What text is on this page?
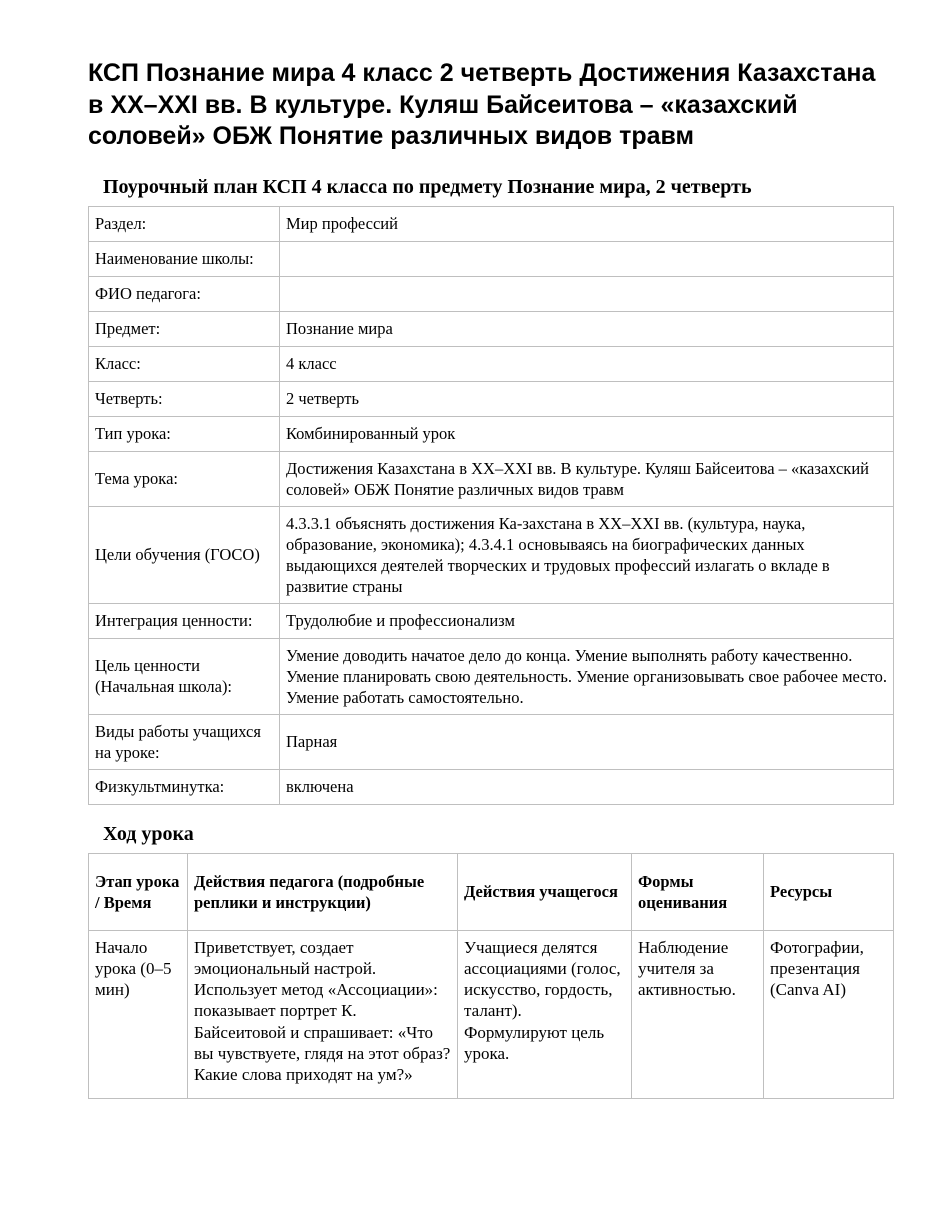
КСП Познание мира 4 класс 2 четверть Достижения Казахстана в XX–XXI вв. В культуре. Куляш Байсеитова – «казахский соловей» ОБЖ Понятие различных видов травм
Поурочный план КСП 4 класса по предмету Познание мира, 2 четверть
Раздел:	Мир профессий
Наименование школы:	
ФИО педагога:	
Предмет:	Познание мира
Класс:	4 класс
Четверть:	2 четверть
Тип урока:	Комбинированный урок
Тема урока:	Достижения Казахстана в XX–XXI вв. В культуре. Куляш Байсеитова – «казахский соловей» ОБЖ Понятие различных видов травм
Цели обучения (ГОСО)	4.3.3.1 объяснять достижения Ка-захстана в XX–XXI вв. (культура, наука, образование, экономика); 4.3.4.1 основываясь на биографических данных выдающихся деятелей творческих и трудовых профессий излагать о вкладе в развитие страны
Интеграция ценности:	Трудолюбие и профессионализм
Цель ценности (Начальная школа):	Умение доводить начатое дело до конца. Умение выполнять работу качественно. Умение планировать свою деятельность. Умение организовывать свое рабочее место. Умение работать самостоятельно.
Виды работы учащихся на уроке:	Парная
Физкультминутка:	включена
Ход урока
Этап урока / Время	Действия педагога (подробные реплики и инструкции)	Действия учащегося	Формы оценивания	Ресурсы
Начало урока (0–5 мин)	Приветствует, создает эмоциональный настрой. Использует метод «Ассоциации»: показывает портрет К. Байсеитовой и спрашивает: «Что вы чувствуете, глядя на этот образ? Какие слова приходят на ум?»	Учащиеся делятся ассоциациями (голос, искусство, гордость, талант). Формулируют цель урока.	Наблюдение учителя за активностью.	Фотографии, презентация (Canva AI)
